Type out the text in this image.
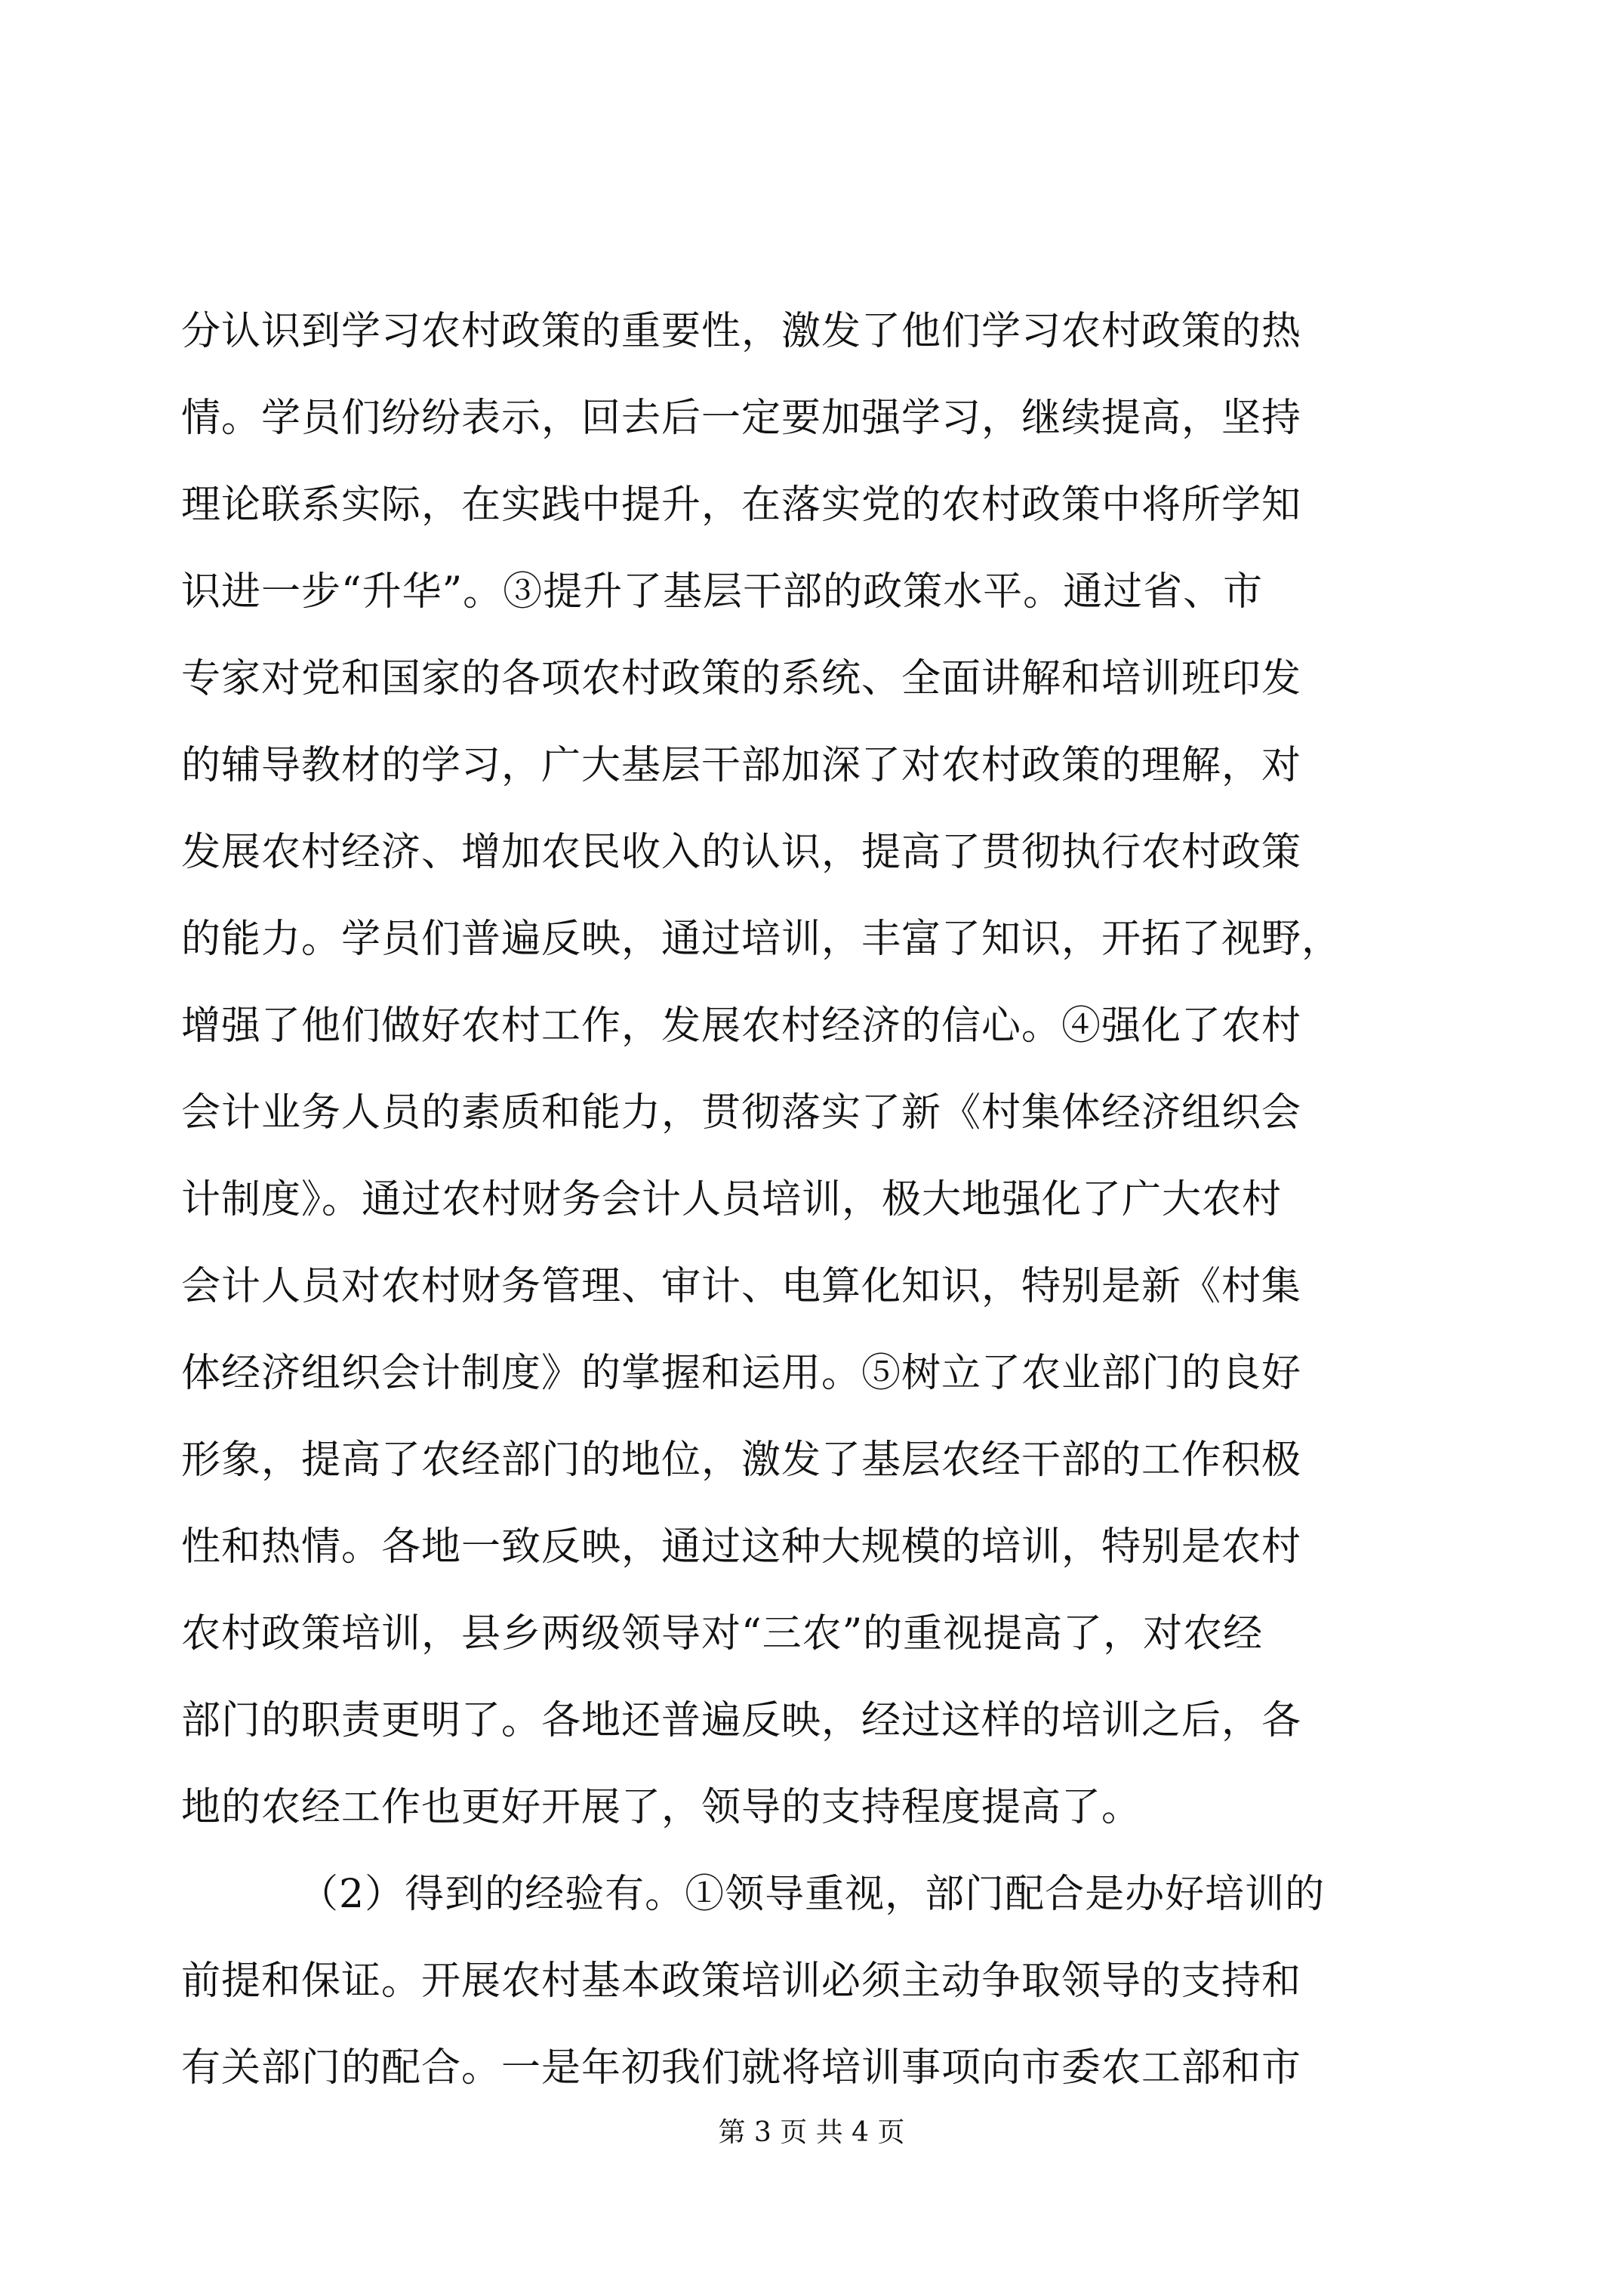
分认识到学习农村政策的重要性，激发了他们学习农村政策的热
情。学员们纷纷表示，回去后一定要加强学习，继续提高，坚持
理论联系实际，在实践中提升，在落实党的农村政策中将所学知
识进一步“升华”。③提升了基层干部的政策水平。通过省、市
专家对党和国家的各项农村政策的系统、全面讲解和培训班印发
的辅导教材的学习，广大基层干部加深了对农村政策的理解，对
发展农村经济、增加农民收入的认识，提高了贯彻执行农村政策
的能力。学员们普遍反映，通过培训，丰富了知识，开拓了视野，
增强了他们做好农村工作，发展农村经济的信心。④强化了农村
会计业务人员的素质和能力，贯彻落实了新《村集体经济组织会
计制度》。通过农村财务会计人员培训，极大地强化了广大农村
会计人员对农村财务管理、审计、电算化知识，特别是新《村集
体经济组织会计制度》的掌握和运用。⑤树立了农业部门的良好
形象，提高了农经部门的地位，激发了基层农经干部的工作积极
性和热情。各地一致反映，通过这种大规模的培训，特别是农村
农村政策培训，县乡两级领导对“三农”的重视提高了，对农经
部门的职责更明了。各地还普遍反映，经过这样的培训之后，各
地的农经工作也更好开展了，领导的支持程度提高了。
（2）得到的经验有。①领导重视，部门配合是办好培训的
前提和保证。开展农村基本政策培训必须主动争取领导的支持和
有关部门的配合。一是年初我们就将培训事项向市委农工部和市
第 3 页 共 4 页
